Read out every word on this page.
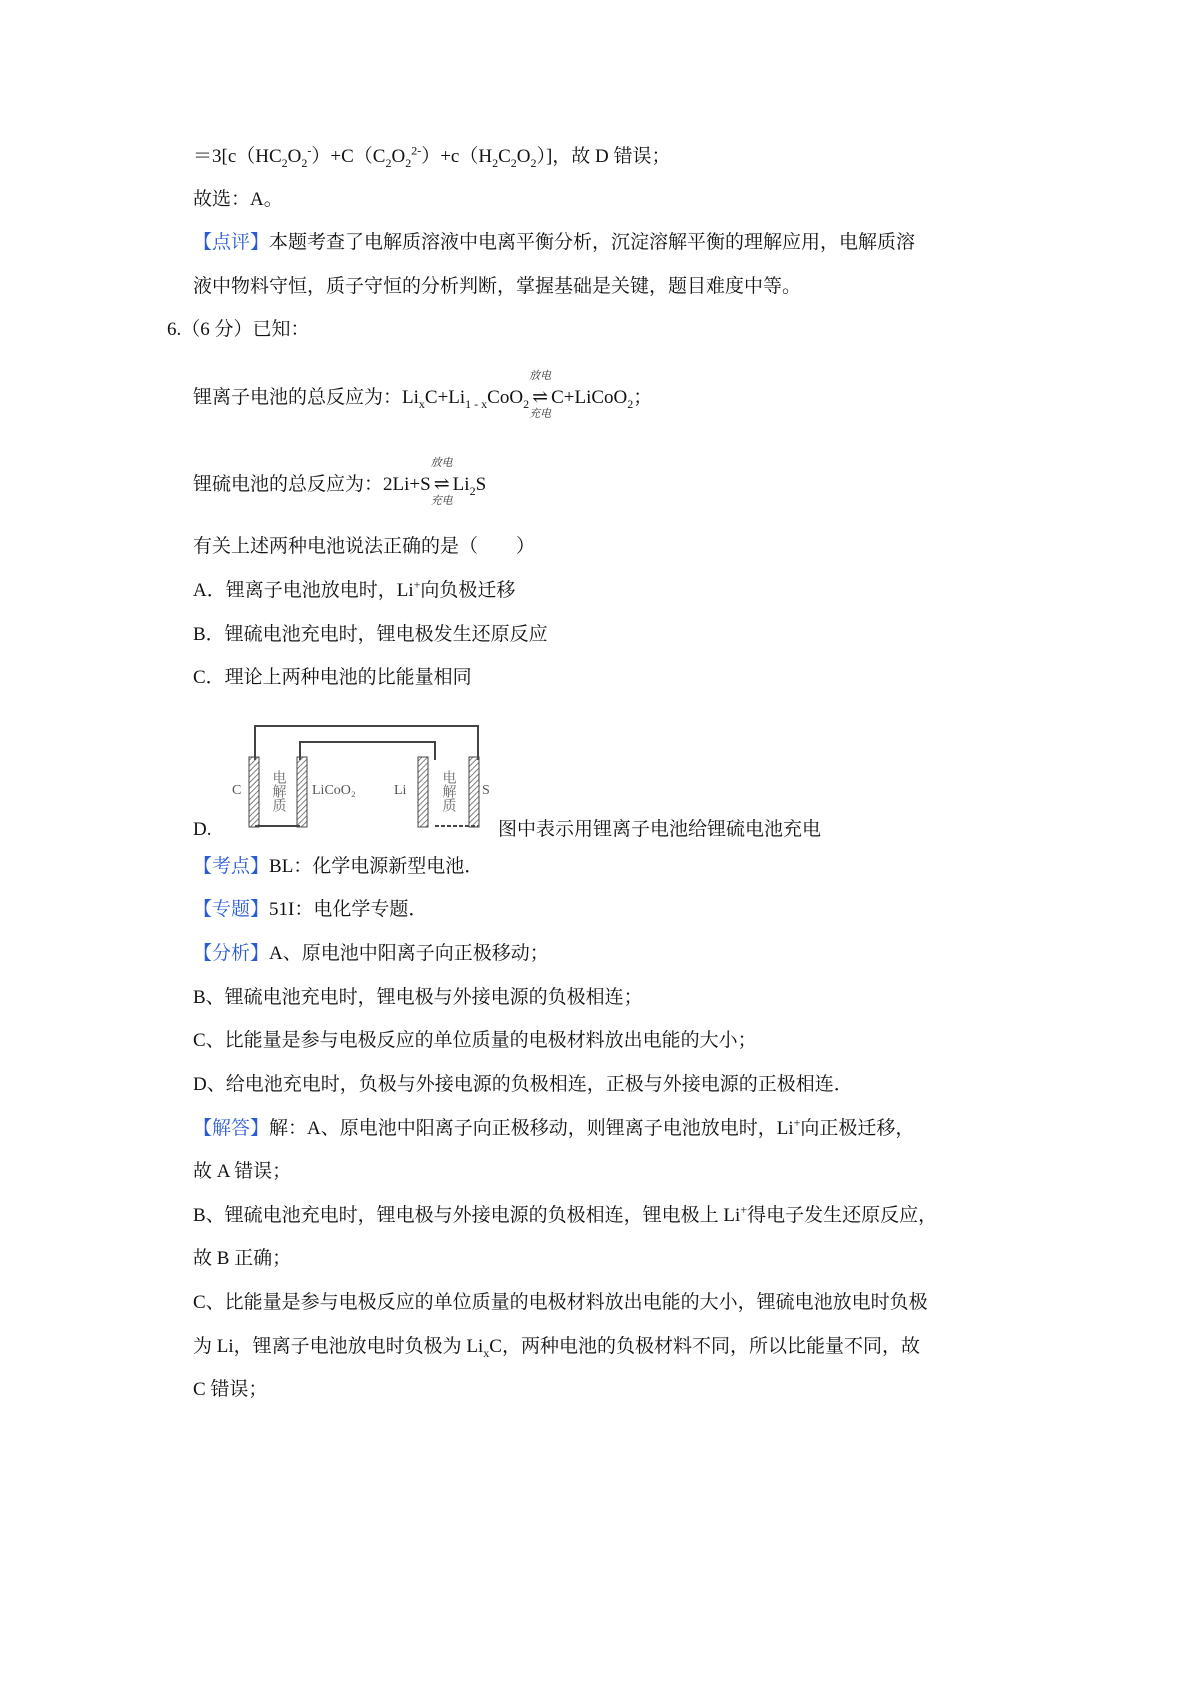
$=3[c(HC_2O_2^-)+C(C_2O_2^{2-})+c(H_2C_2O_2)]$，故 D 错误；
故选：A。
【点评】本题考查了电解质溶液中电离平衡分析，沉淀溶解平衡的理解应用，电解质溶
液中物料守恒，质子守恒的分析判断，掌握基础是关键，题目难度中等。
6.（6 分）已知：
锂离子电池的总反应为：$Li_xC+Li_{1 - x}CoO_2$ ⇌
放电
充电
C+LiCoO$_2$；
锂硫电池的总反应为：2Li+S ⇌
放电
充电
$Li_2S$
有关上述两种电池说法正确的是（　　）
A．锂离子电池放电时，Li+向负极迁移
B．锂硫电池充电时，锂电极发生还原反应
C．理论上两种电池的比能量相同
D.
C	LiCoO₂	Li	S
电解质	电解质
图中表示用锂离子电池给锂硫电池充电
【考点】BL：化学电源新型电池．
【专题】51I：电化学专题．
【分析】A、原电池中阳离子向正极移动；
B、锂硫电池充电时，锂电极与外接电源的负极相连；
C、比能量是参与电极反应的单位质量的电极材料放出电能的大小；
D、给电池充电时，负极与外接电源的负极相连，正极与外接电源的正极相连．
【解答】解：A、原电池中阳离子向正极移动，则锂离子电池放电时，Li+向正极迁移，
故 A 错误；
B、锂硫电池充电时，锂电极与外接电源的负极相连，锂电极上 Li+得电子发生还原反应，
故 B 正确；
C、比能量是参与电极反应的单位质量的电极材料放出电能的大小，锂硫电池放电时负极
为 Li，锂离子电池放电时负极为 $Li_xC$，两种电池的负极材料不同，所以比能量不同，故
C 错误；
